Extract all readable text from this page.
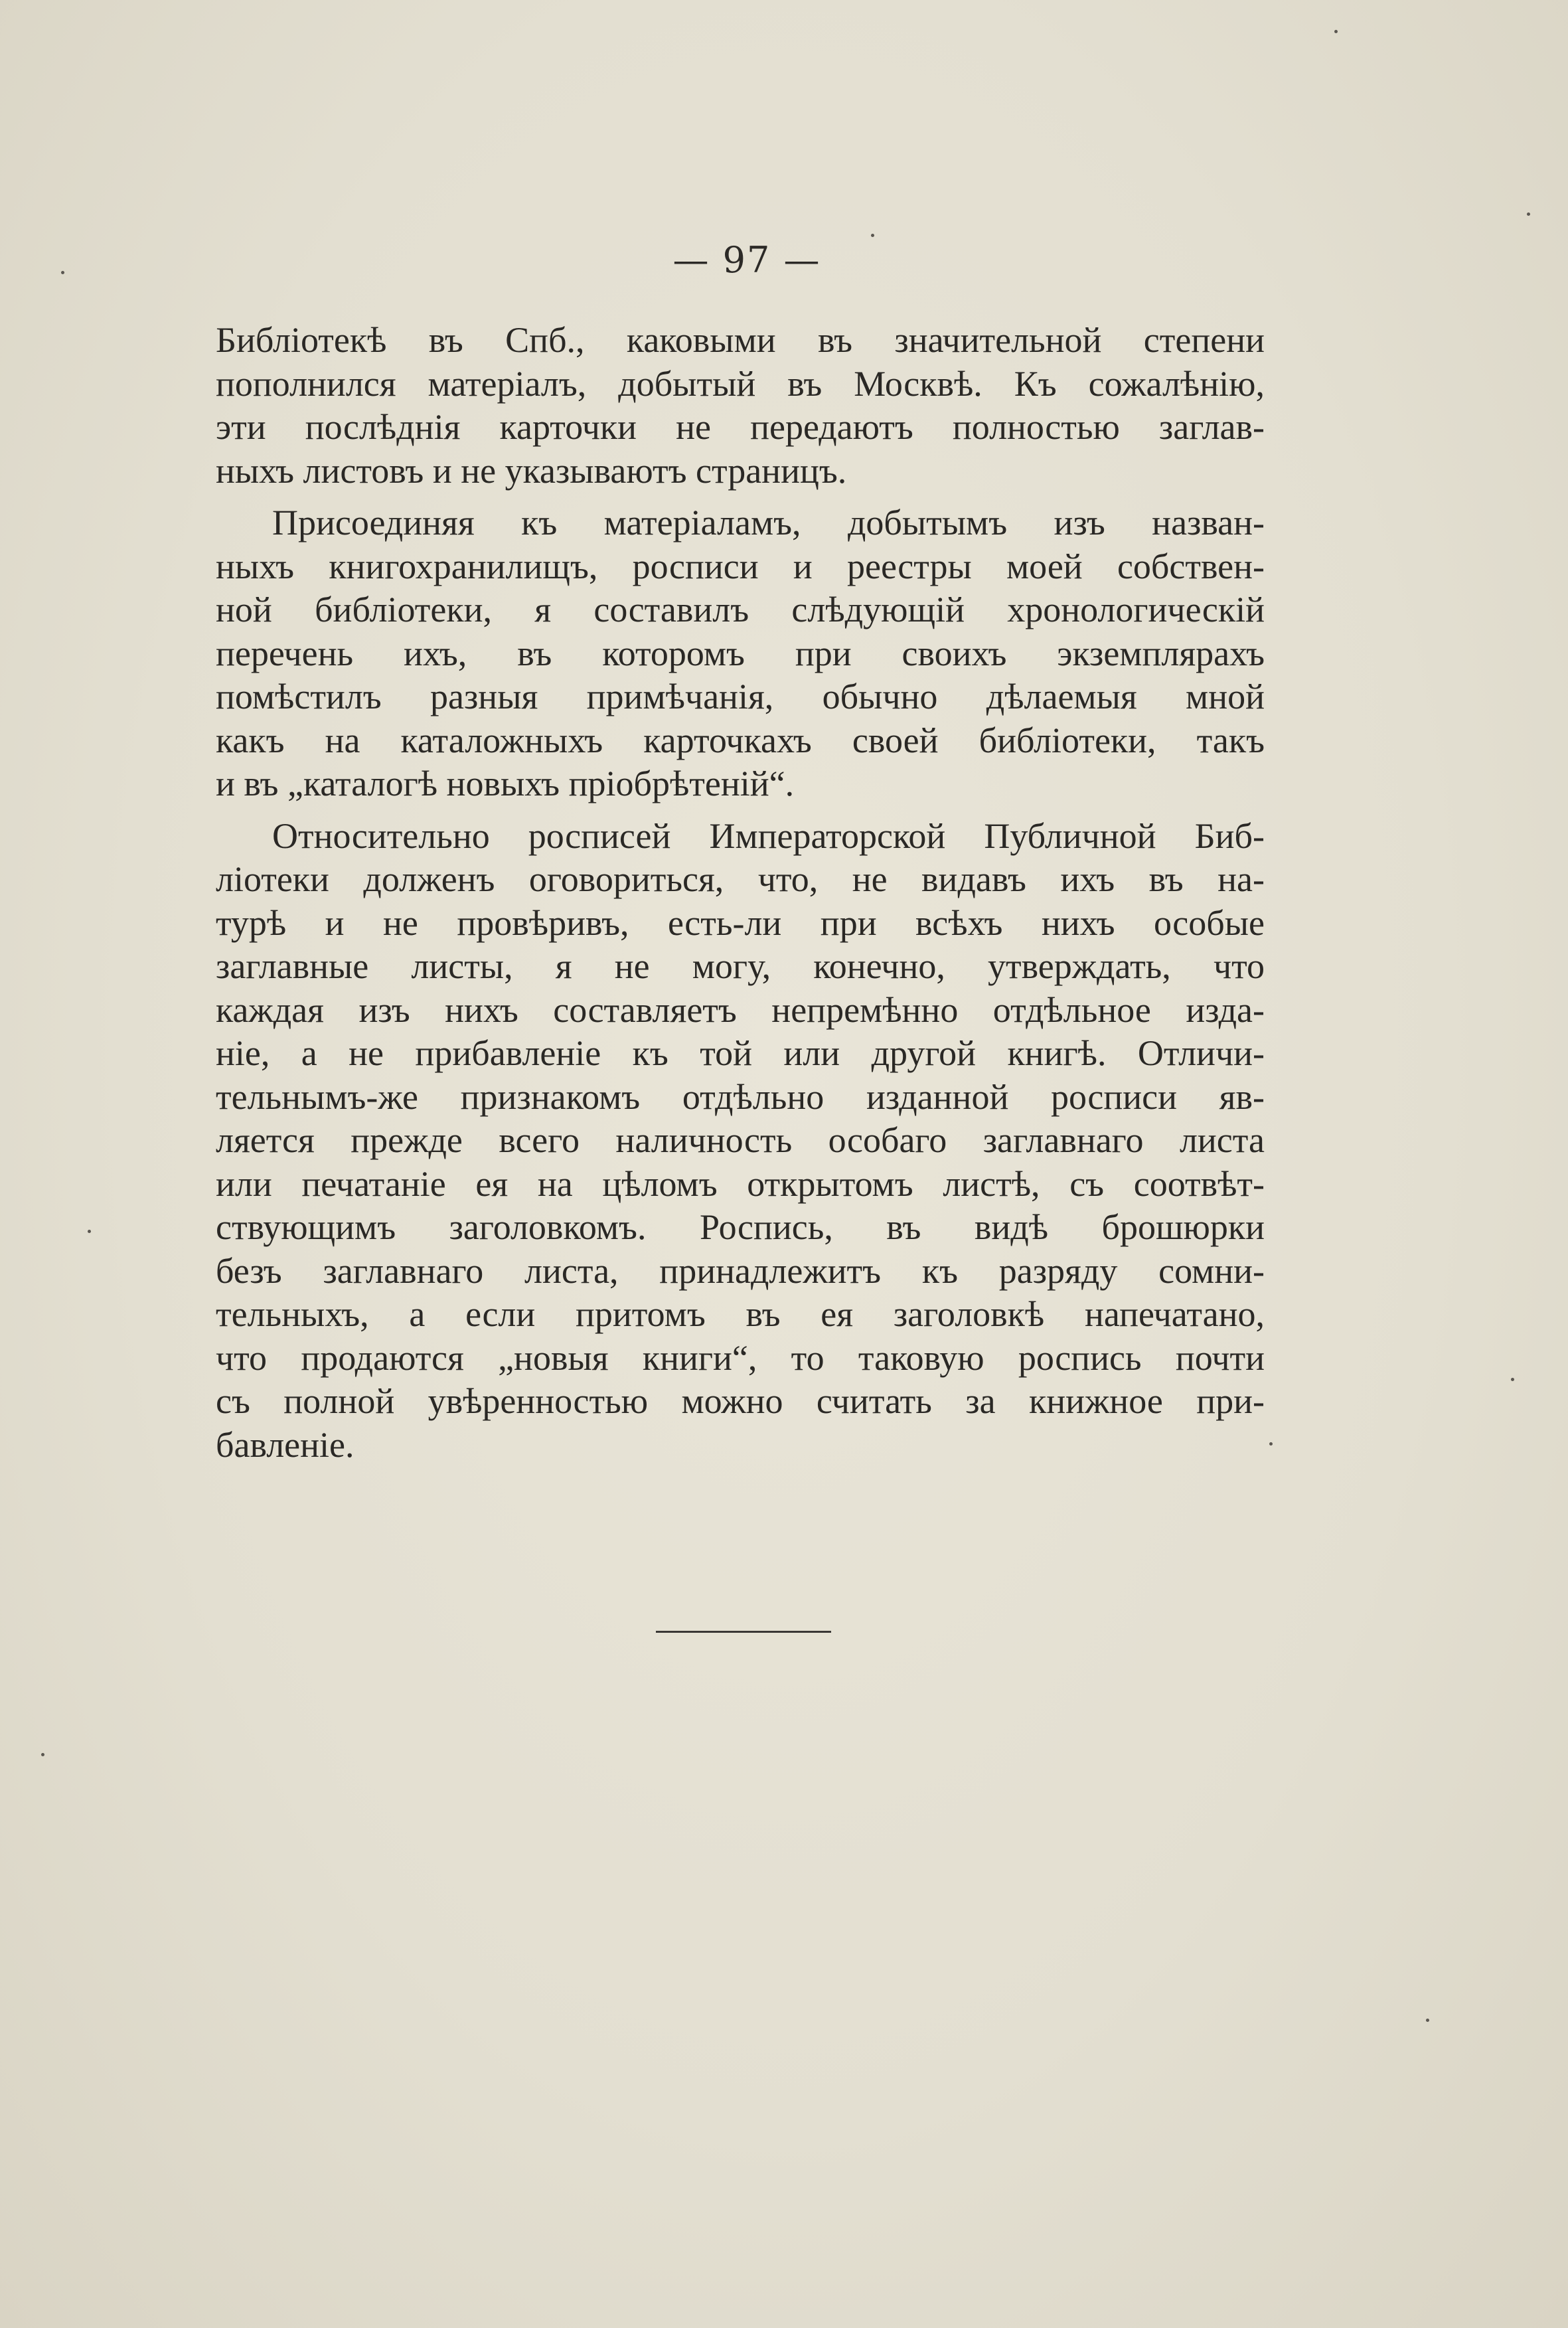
— 97 —
Библiотекѣ въ Спб., каковыми въ значительной степени
пополнился матерiалъ, добытый въ Москвѣ. Къ сожалѣнiю,
эти послѣднiя карточки не передаютъ полностью заглав-
ныхъ листовъ и не указываютъ страницъ.
Присоединяя къ матерiаламъ, добытымъ изъ назван-
ныхъ книгохранилищъ, росписи и реестры моей собствен-
ной библiотеки, я составилъ слѣдующiй хронологическiй
перечень ихъ, въ которомъ при своихъ экземплярахъ
помѣстилъ разныя примѣчанiя, обычно дѣлаемыя мной
какъ на каталожныхъ карточкахъ своей библiотеки, такъ
и въ „каталогѣ новыхъ прiобрѣтенiй“.
Относительно росписей Императорской Публичной Биб-
лiотеки долженъ оговориться, что, не видавъ ихъ въ на-
турѣ и не провѣривъ, есть-ли при всѣхъ нихъ особые
заглавные листы, я не могу, конечно, утверждать, что
каждая изъ нихъ составляетъ непремѣнно отдѣльное изда-
нiе, а не прибавленiе къ той или другой книгѣ. Отличи-
тельнымъ-же признакомъ отдѣльно изданной росписи яв-
ляется прежде всего наличность особаго заглавнаго листа
или печатанiе ея на цѣломъ открытомъ листѣ, съ соотвѣт-
ствующимъ заголовкомъ. Роспись, въ видѣ брошюрки
безъ заглавнаго листа, принадлежитъ къ разряду сомни-
тельныхъ, а если притомъ въ ея заголовкѣ напечатано,
что продаются „новыя книги“, то таковую роспись почти
съ полной увѣренностью можно считать за книжное при-
бавленiе.
